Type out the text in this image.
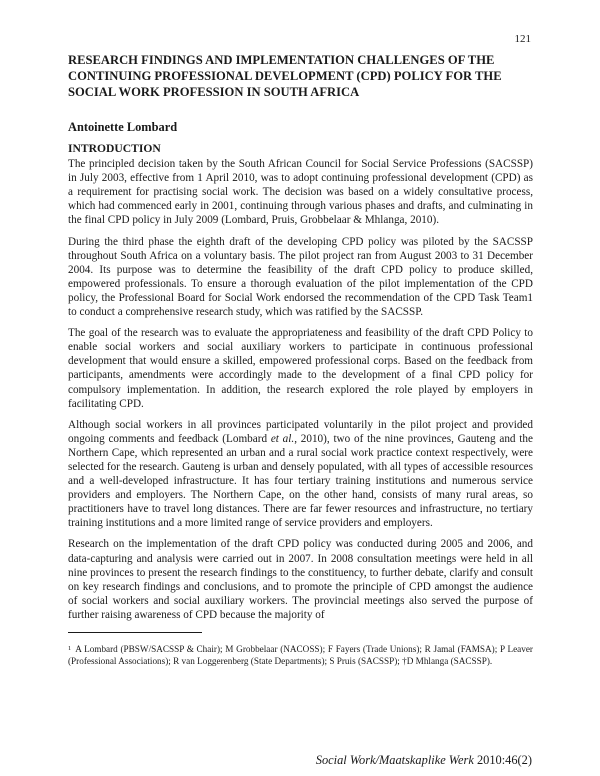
121
RESEARCH FINDINGS AND IMPLEMENTATION CHALLENGES OF THE CONTINUING PROFESSIONAL DEVELOPMENT (CPD) POLICY FOR THE SOCIAL WORK PROFESSION IN SOUTH AFRICA
Antoinette Lombard
INTRODUCTION

The principled decision taken by the South African Council for Social Service Professions (SACSSP) in July 2003, effective from 1 April 2010, was to adopt continuing professional development (CPD) as a requirement for practising social work. The decision was based on a widely consultative process, which had commenced early in 2001, continuing through various phases and drafts, and culminating in the final CPD policy in July 2009 (Lombard, Pruis, Grobbelaar & Mhlanga, 2010).

During the third phase the eighth draft of the developing CPD policy was piloted by the SACSSP throughout South Africa on a voluntary basis. The pilot project ran from August 2003 to 31 December 2004. Its purpose was to determine the feasibility of the draft CPD policy to produce skilled, empowered professionals. To ensure a thorough evaluation of the pilot implementation of the CPD policy, the Professional Board for Social Work endorsed the recommendation of the CPD Task Team1 to conduct a comprehensive research study, which was ratified by the SACSSP.

The goal of the research was to evaluate the appropriateness and feasibility of the draft CPD Policy to enable social workers and social auxiliary workers to participate in continuous professional development that would ensure a skilled, empowered professional corps. Based on the feedback from participants, amendments were accordingly made to the development of a final CPD policy for compulsory implementation. In addition, the research explored the role played by employers in facilitating CPD.

Although social workers in all provinces participated voluntarily in the pilot project and provided ongoing comments and feedback (Lombard et al., 2010), two of the nine provinces, Gauteng and the Northern Cape, which represented an urban and a rural social work practice context respectively, were selected for the research. Gauteng is urban and densely populated, with all types of accessible resources and a well-developed infrastructure. It has four tertiary training institutions and numerous service providers and employers. The Northern Cape, on the other hand, consists of many rural areas, so practitioners have to travel long distances. There are far fewer resources and infrastructure, no tertiary training institutions and a more limited range of service providers and employers.

Research on the implementation of the draft CPD policy was conducted during 2005 and 2006, and data-capturing and analysis were carried out in 2007. In 2008 consultation meetings were held in all nine provinces to present the research findings to the constituency, to further debate, clarify and consult on key research findings and conclusions, and to promote the principle of CPD amongst the audience of social workers and social auxiliary workers. The provincial meetings also served the purpose of further raising awareness of CPD because the majority of

$^1$ A Lombard (PBSW/SACSSP & Chair); M Grobbelaar (NACOSS); F Fayers (Trade Unions); R Jamal (FAMSA); P Leaver (Professional Associations); R van Loggerenberg (State Departments); S Pruis (SACSSP); †D Mhlanga (SACSSP).
Social Work/Maatskaplike Werk 2010:46(2)
